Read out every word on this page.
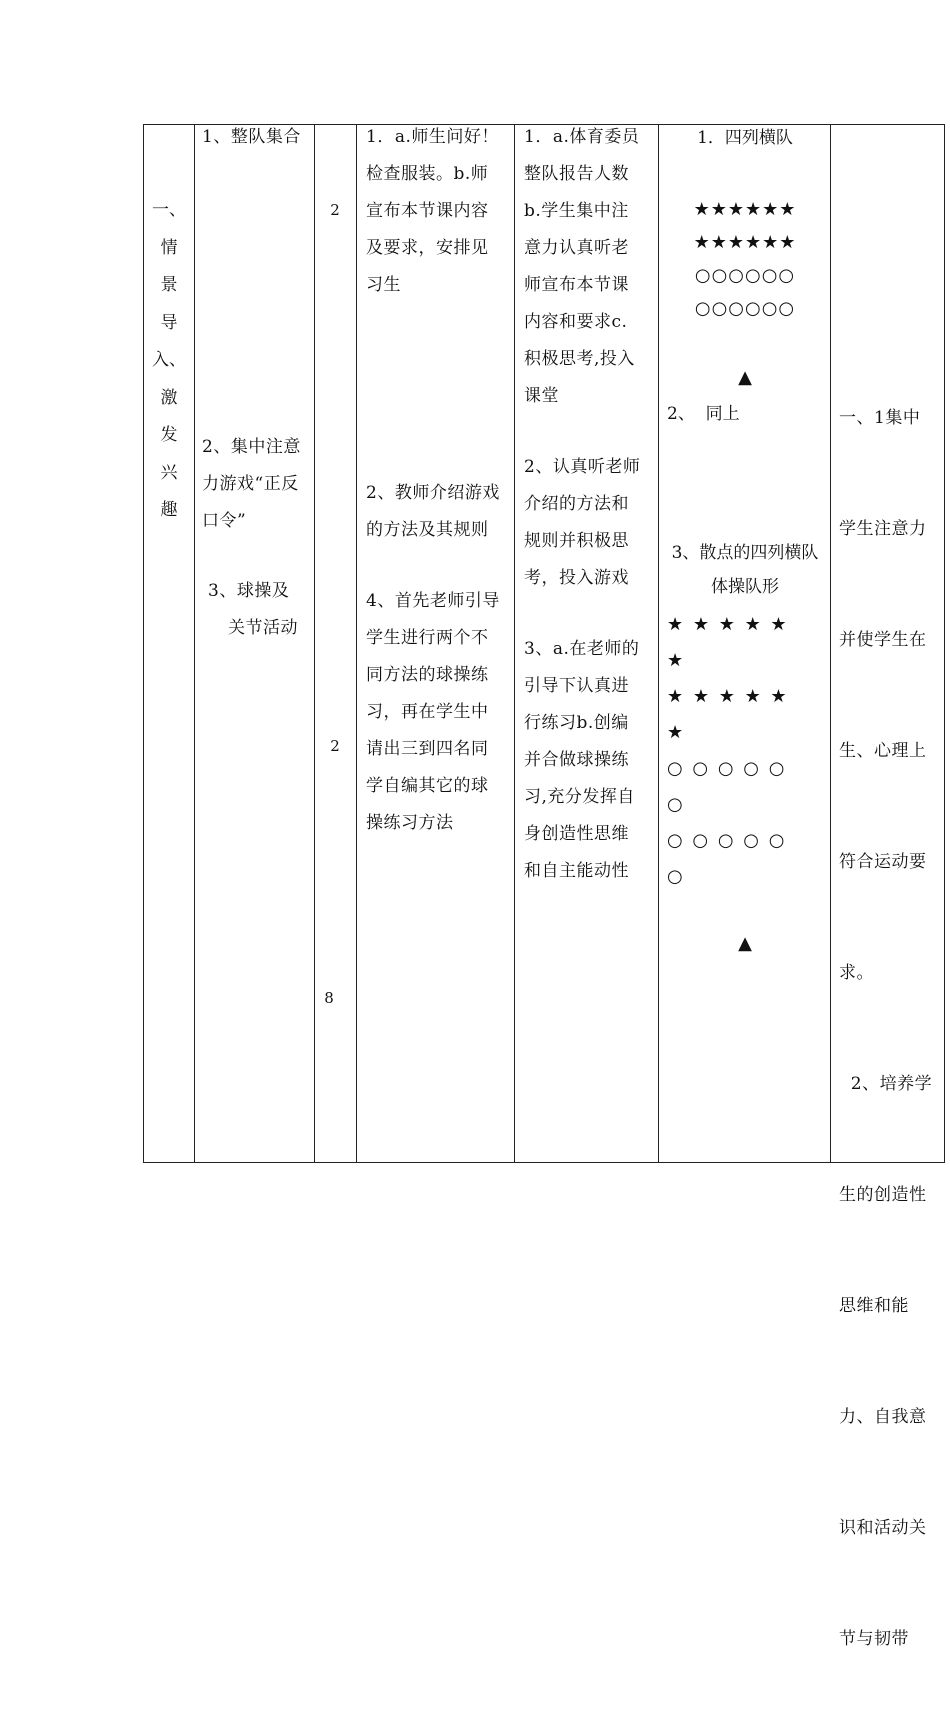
一、
情
景
导
入、
激
发
兴
趣

1、整队集合

2、集中注意力游戏“正反口令”

3、球操及

关节活动

2
2
8

1．a.师生问好！

检查服装。b.师

宣布本节课内容

及要求，安排见

习生

2、教师介绍游戏

的方法及其规则

4、首先老师引导

学生进行两个不

同方法的球操练

习，再在学生中

请出三到四名同

学自编其它的球

操练习方法

1．a.体育委员

整队报告人数

b.学生集中注

意力认真听老

师宣布本节课

内容和要求c.

积极思考,投入

课堂

2、认真听老师

介绍的方法和

规则并积极思

考，投入游戏

3、a.在老师的

引导下认真进

行练习b.创编

并合做球操练

习,充分发挥自

身创造性思维

和自主能动性

1．四列横队
★★★★★★
★★★★★★
○○○○○○
○○○○○○
▲
2、  同上
3、散点的四列横队
体操队形
★ ★ ★ ★ ★
★
★ ★ ★ ★ ★
★
○ ○ ○ ○ ○
○
○ ○ ○ ○ ○
○
▲

一、1集中

学生注意力

并使学生在

生、心理上

符合运动要

求。

2、培养学

生的创造性

思维和能

力、自我意

识和活动关

节与韧带
